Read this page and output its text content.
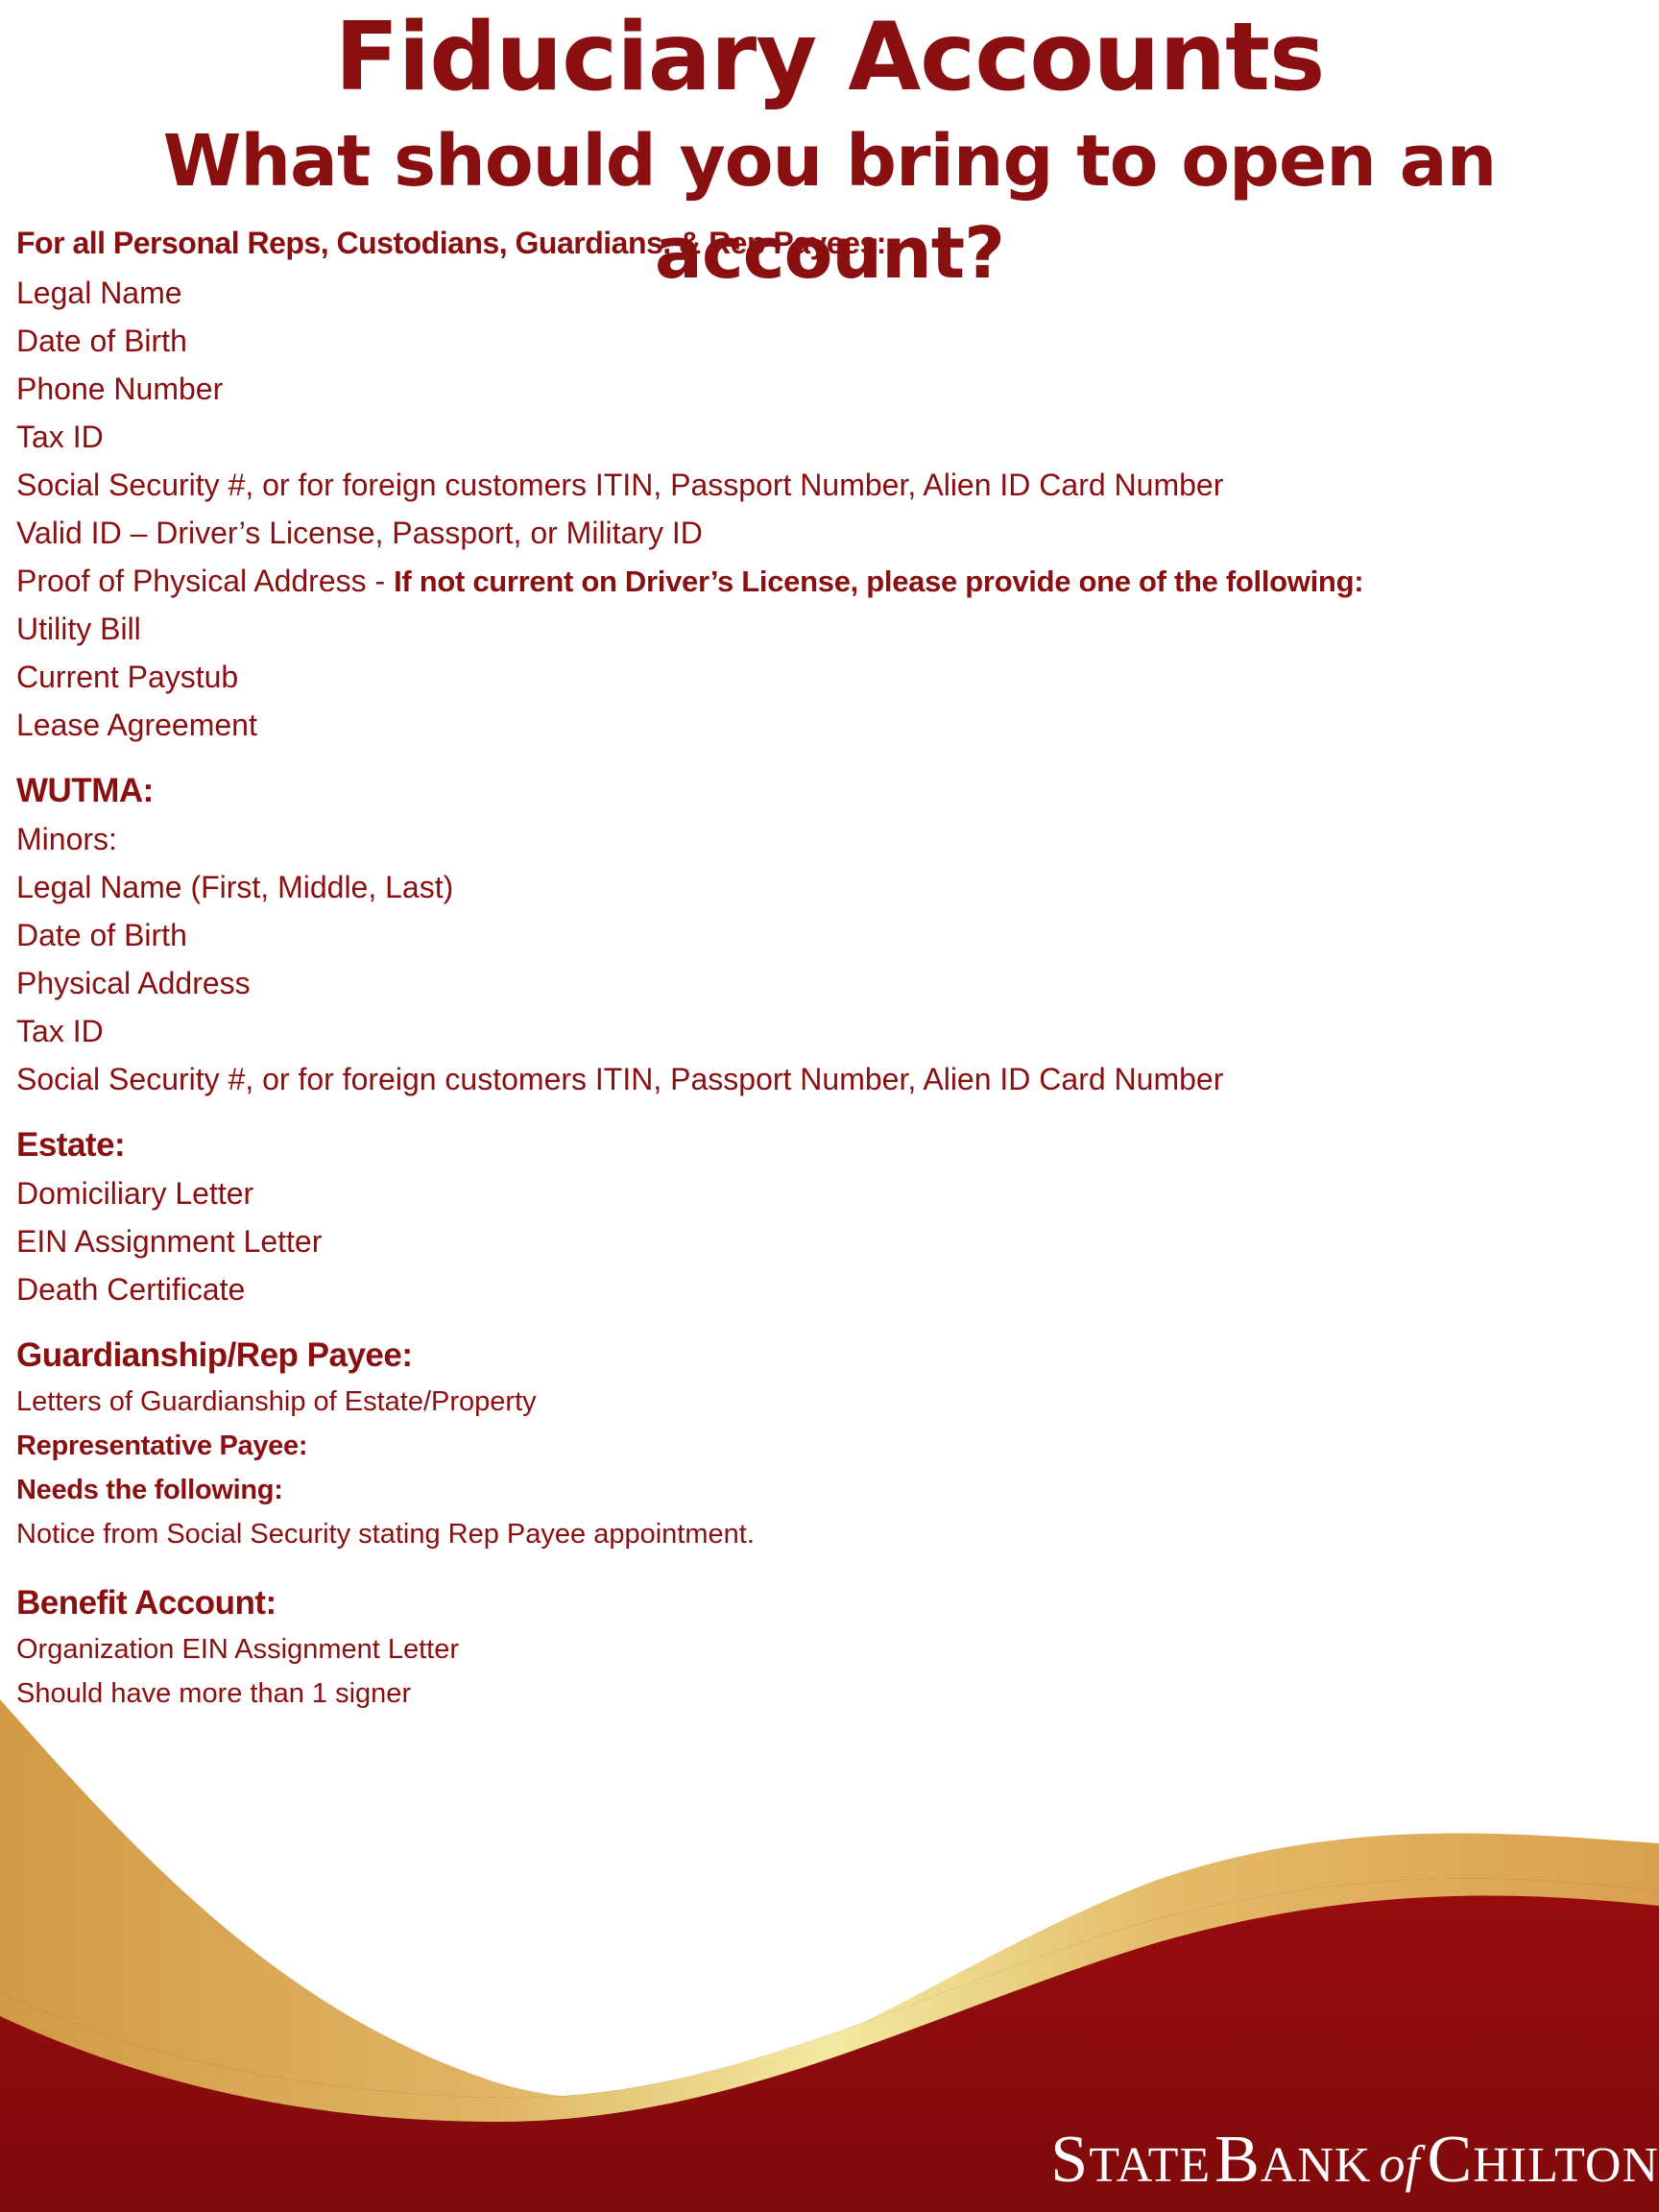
Fiduciary Accounts
What should you bring to open an account?
For all Personal Reps, Custodians, Guardians, & Rep Payees:
Legal Name
Date of Birth
Phone Number
Tax ID
Social Security #, or for foreign customers ITIN, Passport Number, Alien ID Card Number
Valid ID – Driver’s License, Passport, or Military ID
Proof of Physical Address - If not current on Driver’s License, please provide one of the following:
Utility Bill
Current Paystub
Lease Agreement
WUTMA:
Minors:
Legal Name (First, Middle, Last)
Date of Birth
Physical Address
Tax ID
Social Security #, or for foreign customers ITIN, Passport Number, Alien ID Card Number
Estate:
Domiciliary Letter
EIN Assignment Letter
Death Certificate
Guardianship/Rep Payee:
Letters of Guardianship of Estate/Property
Representative Payee:
Needs the following:
Notice from Social Security stating Rep Payee appointment.
Benefit Account:
Organization EIN Assignment Letter
Should have more than 1 signer
STATE BANK of CHILTON
